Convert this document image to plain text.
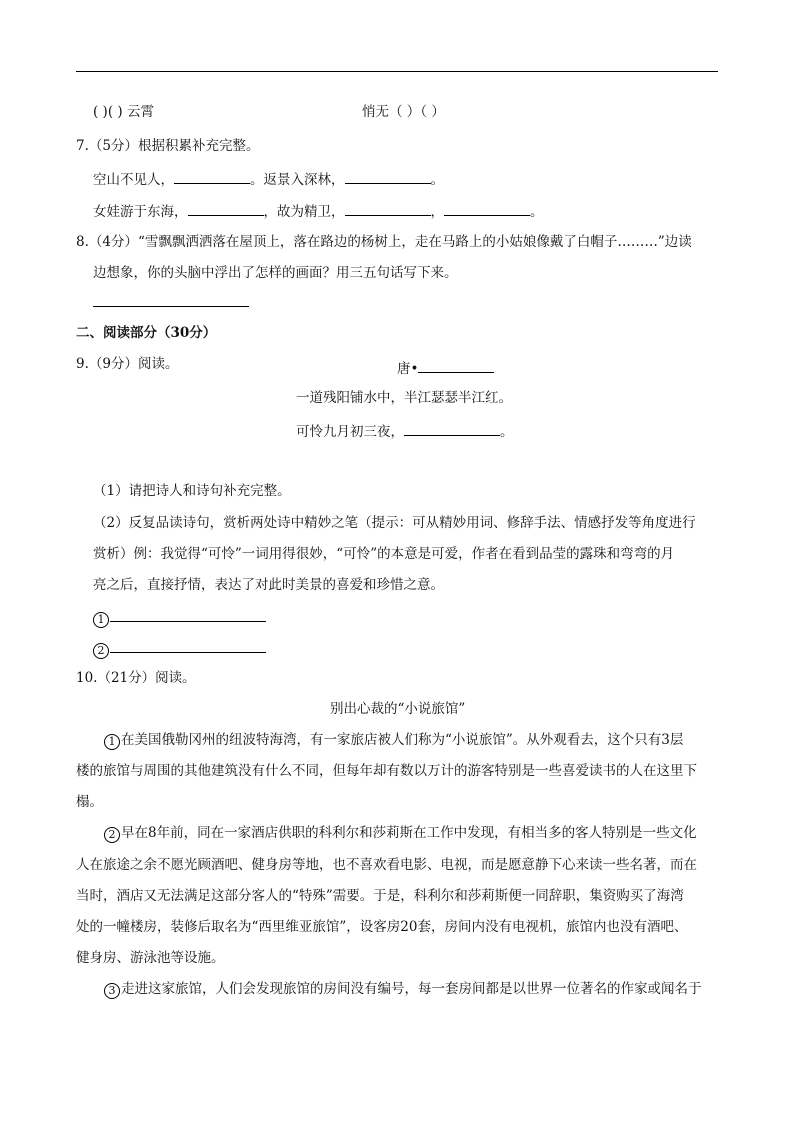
( )( ) 云霄	悄无（ ）（ ）
7.（5分）根据积累补充完整。
空山不见人，	。返景入深林，	。
女娃游于东海，	，故为精卫，	，	。
8.（4分）“雪飘飘洒洒落在屋顶上，落在路边的杨树上，走在马路上的小姑娘像戴了白帽子………”边读
边想象，你的头脑中浮出了怎样的画面？用三五句话写下来。
二、阅读部分（30分）
9.（9分）阅读。	唐•
一道残阳铺水中，半江瑟瑟半江红。
可怜九月初三夜，	。
（1）请把诗人和诗句补充完整。
（2）反复品读诗句，赏析两处诗中精妙之笔（提示：可从精妙用词、修辞手法、情感抒发等角度进行
赏析）例：我觉得“可怜”一词用得很妙，“可怜”的本意是可爱，作者在看到品莹的露珠和弯弯的月
亮之后，直接抒情，表达了对此时美景的喜爱和珍惜之意。
1
2
10.（21分）阅读。
别出心裁的“小说旅馆”
1 在美国俄勒冈州的纽波特海湾，有一家旅店被人们称为“小说旅馆”。从外观看去，这个只有3层
楼的旅馆与周围的其他建筑没有什么不同，但每年却有数以万计的游客特别是一些喜爱读书的人在这里下
榻。
2 早在8年前，同在一家酒店供职的科利尔和莎莉斯在工作中发现，有相当多的客人特别是一些文化
人在旅途之余不愿光顾酒吧、健身房等地，也不喜欢看电影、电视，而是愿意静下心来读一些名著，而在
当时，酒店又无法满足这部分客人的“特殊”需要。于是，科利尔和莎莉斯便一同辞职，集资购买了海湾
处的一幢楼房，装修后取名为“西里维亚旅馆”，设客房20套，房间内没有电视机，旅馆内也没有酒吧、
健身房、游泳池等设施。
3 走进这家旅馆，人们会发现旅馆的房间没有编号，每一套房间都是以世界一位著名的作家或闻名于
